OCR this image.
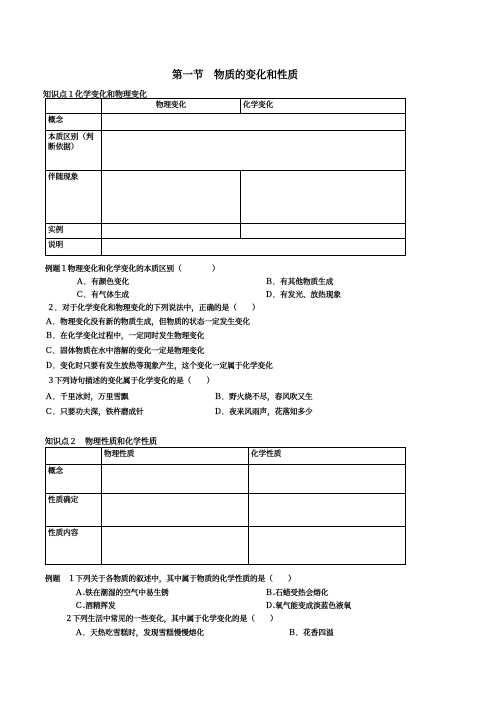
第一节　物质的变化和性质
知识点１化学变化和物理变化
	物理变化	化学变化
概念		
本质区别（判断依据）		
伴随现象		
实例		
说明		
例题１物理变化和化学变化的本质区别（　　　　）
Ａ．有颜色变化	Ｂ．有其他物质生成
Ｃ．有气体生成	Ｄ．有发光、放热现象
２．对于化学变化和物理变化的下列说法中，正确的是（　　）
Ａ．物理变化没有新的物质生成，但物质的状态一定发生变化
Ｂ．在化学变化过程中，一定同时发生物理变化
Ｃ．固体物质在水中溶解的变化一定是物理变化
Ｄ．变化时只要有发生放热等现象产生，这个变化一定属于化学变化
３下列诗句描述的变化属于化学变化的是（　　）
Ａ．千里冰封，万里雪飘	Ｂ．野火烧不尽，春风吹又生
Ｃ．只要功夫深，铁杵磨成针	Ｄ．夜来风雨声，花落知多少
知识点２　物理性质和化学性质
	物理性质	化学性质
概念		
性质确定		
性质内容		
例题　１下列关于各物质的叙述中，其中属于物质的化学性质的是（　　）
Ａ.铁在潮湿的空气中易生锈	Ｂ.石蜡受热会熔化
Ｃ.酒精挥发	Ｄ.氧气能变成淡蓝色液氧
２下列生活中常见的一些变化，其中属于化学变化的是（　　）
Ａ．天热吃雪糕时，发现雪糕慢慢熔化	Ｂ．花香四溢
